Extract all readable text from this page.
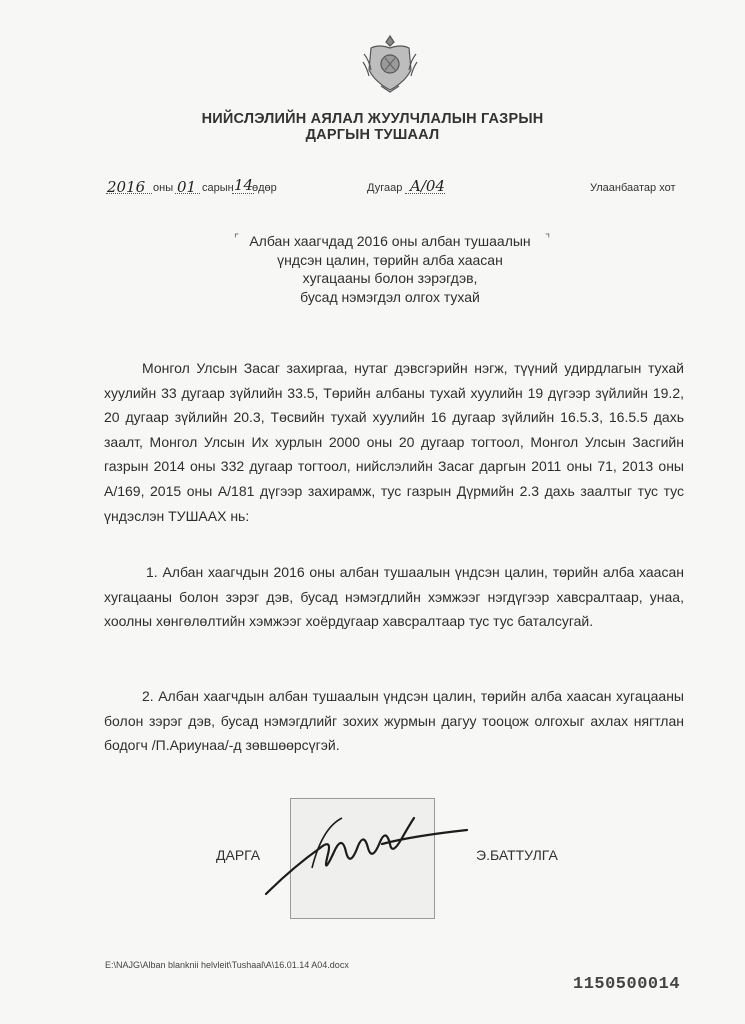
НИЙСЛЭЛИЙН АЯЛАЛ ЖУУЛЧЛАЛЫН ГАЗРЫН
ДАРГЫН ТУШААЛ
2016 оны 01 сарын 14
өдөр	Дугаар A/04	Улаанбаатар хот
⌜	⌝
Албан хаагчдад 2016 оны албан тушаалын
үндсэн цалин, төрийн алба хаасан
хугацааны болон зэрэгдэв,
бусад нэмэгдэл олгох тухай

Монгол Улсын Засаг захиргаа, нутаг дэвсгэрийн нэгж, түүний удирдлагын тухай хуулийн 33 дугаар зүйлийн 33.5, Төрийн албаны тухай хуулийн 19 дүгээр зүйлийн 19.2, 20 дугаар зүйлийн 20.3, Төсвийн тухай хуулийн 16 дугаар зүйлийн 16.5.3, 16.5.5 дахь заалт, Монгол Улсын Их хурлын 2000 оны 20 дугаар тогтоол, Монгол Улсын Засгийн газрын 2014 оны 332 дугаар тогтоол, нийслэлийн Засаг даргын 2011 оны 71, 2013 оны А/169, 2015 оны А/181 дүгээр захирамж, тус газрын Дүрмийн 2.3 дахь заалтыг тус тус үндэслэн ТУШААХ нь:

1. Албан хаагчдын 2016 оны албан тушаалын үндсэн цалин, төрийн алба хаасан хугацааны болон зэрэг дэв, бусад нэмэгдлийн хэмжээг нэгдүгээр хавсралтаар, унаа, хоолны хөнгөлөлтийн хэмжээг хоёрдугаар хавсралтаар тус тус баталсугай.

2. Албан хаагчдын албан тушаалын үндсэн цалин, төрийн алба хаасан хугацааны болон зэрэг дэв, бусад нэмэгдлийг зохих журмын дагуу тооцож олгохыг ахлах нягтлан бодогч /П.Ариунаа/-д зөвшөөрсүгэй.

ДАРГА	Э.БАТТУЛГА
E:\NAJG\Alban blanknii helvleit\Tushaal\A\16.01.14 A04.docx
1150500014
